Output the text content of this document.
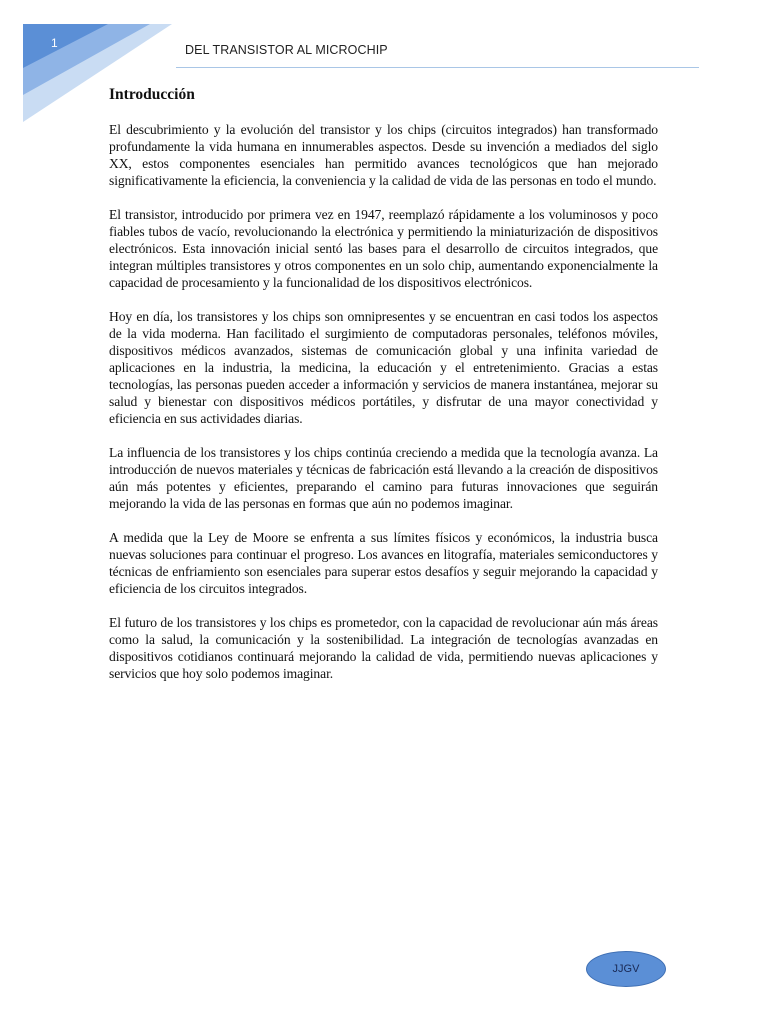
1	DEL TRANSISTOR AL MICROCHIP
Introducción

El descubrimiento y la evolución del transistor y los chips (circuitos integrados) han transformado profundamente la vida humana en innumerables aspectos. Desde su invención a mediados del siglo XX, estos componentes esenciales han permitido avances tecnológicos que han mejorado significativamente la eficiencia, la conveniencia y la calidad de vida de las personas en todo el mundo.

El transistor, introducido por primera vez en 1947, reemplazó rápidamente a los voluminosos y poco fiables tubos de vacío, revolucionando la electrónica y permitiendo la miniaturización de dispositivos electrónicos. Esta innovación inicial sentó las bases para el desarrollo de circuitos integrados, que integran múltiples transistores y otros componentes en un solo chip, aumentando exponencialmente la capacidad de procesamiento y la funcionalidad de los dispositivos electrónicos.

Hoy en día, los transistores y los chips son omnipresentes y se encuentran en casi todos los aspectos de la vida moderna. Han facilitado el surgimiento de computadoras personales, teléfonos móviles, dispositivos médicos avanzados, sistemas de comunicación global y una infinita variedad de aplicaciones en la industria, la medicina, la educación y el entretenimiento. Gracias a estas tecnologías, las personas pueden acceder a información y servicios de manera instantánea, mejorar su salud y bienestar con dispositivos médicos portátiles, y disfrutar de una mayor conectividad y eficiencia en sus actividades diarias.

La influencia de los transistores y los chips continúa creciendo a medida que la tecnología avanza. La introducción de nuevos materiales y técnicas de fabricación está llevando a la creación de dispositivos aún más potentes y eficientes, preparando el camino para futuras innovaciones que seguirán mejorando la vida de las personas en formas que aún no podemos imaginar.

A medida que la Ley de Moore se enfrenta a sus límites físicos y económicos, la industria busca nuevas soluciones para continuar el progreso. Los avances en litografía, materiales semiconductores y técnicas de enfriamiento son esenciales para superar estos desafíos y seguir mejorando la capacidad y eficiencia de los circuitos integrados.

El futuro de los transistores y los chips es prometedor, con la capacidad de revolucionar aún más áreas como la salud, la comunicación y la sostenibilidad. La integración de tecnologías avanzadas en dispositivos cotidianos continuará mejorando la calidad de vida, permitiendo nuevas aplicaciones y servicios que hoy solo podemos imaginar.

JJGV
